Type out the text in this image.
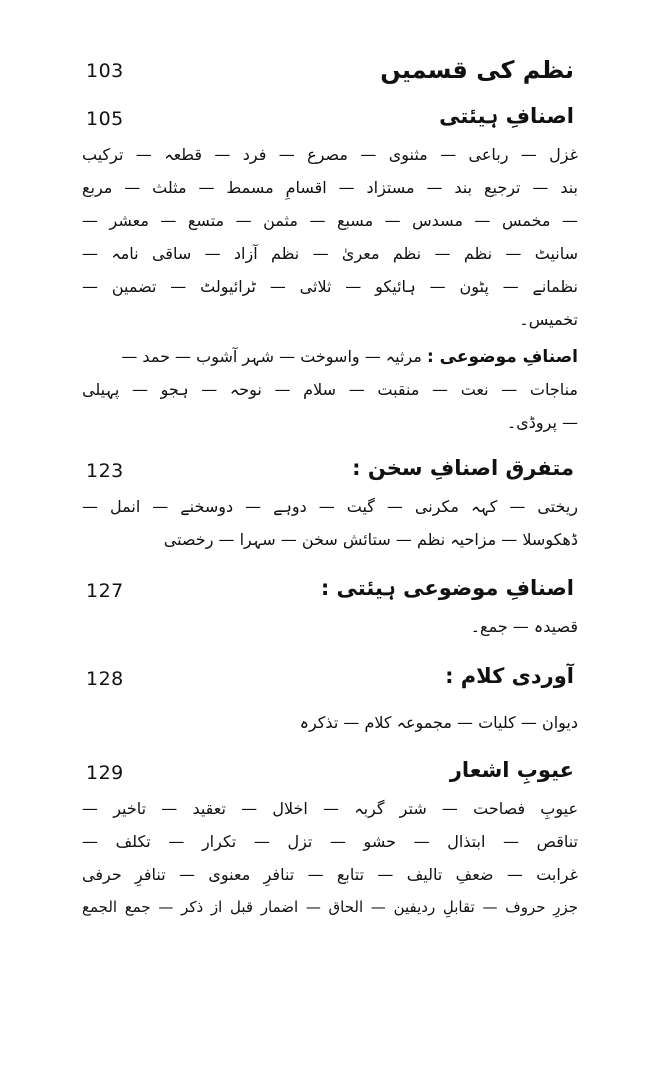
103	نظم کی قسمیں
105	اصنافِ ہیئتی
غزل — رباعی — مثنوی — مصرع — فرد — قطعہ — ترکیب
بند — ترجیع بند — مستزاد — اقسامِ مسمط — مثلث — مربع
— مخمس — مسدس — مسبع — مثمن — متسع — معشر —
سانیٹ — نظم — نظم معریٰ — نظم آزاد — ساقی نامہ —
نظمانے — پٹون — ہائیکو — ثلاثی — ٹرائیولٹ — تضمین —
تخمیس۔
اصنافِ موضوعی : مرثیہ — واسوخت — شہر آشوب — حمد —
مناجات — نعت — منقبت — سلام — نوحہ — ہجو — پہیلی
— پروڈی۔
123	متفرق اصنافِ سخن :
ریختی — کہہ مکرنی — گیت — دوہے — دوسخنے — انمل —
ڈھکوسلا — مزاحیہ نظم — ستائش سخن — سہرا — رخصتی
127	اصنافِ موضوعی ہیئتی :
قصیدہ — جمع۔
128	آوردی کلام :
دیوان — کلیات — مجموعہ کلام — تذکرہ
129	عیوبِ اشعار
عیوبِ فصاحت — شتر گربہ — اخلال — تعقید — تاخیر —
تناقص — ابتذال — حشو — تزل — تکرار — تکلف —
غرابت — ضعفِ تالیف — تتابع — تنافرِ معنوی — تنافرِ حرفی
جزرِ حروف — تقابلِ ردیفین — الحاق — اضمار قبل از ذکر — جمع الجمع
